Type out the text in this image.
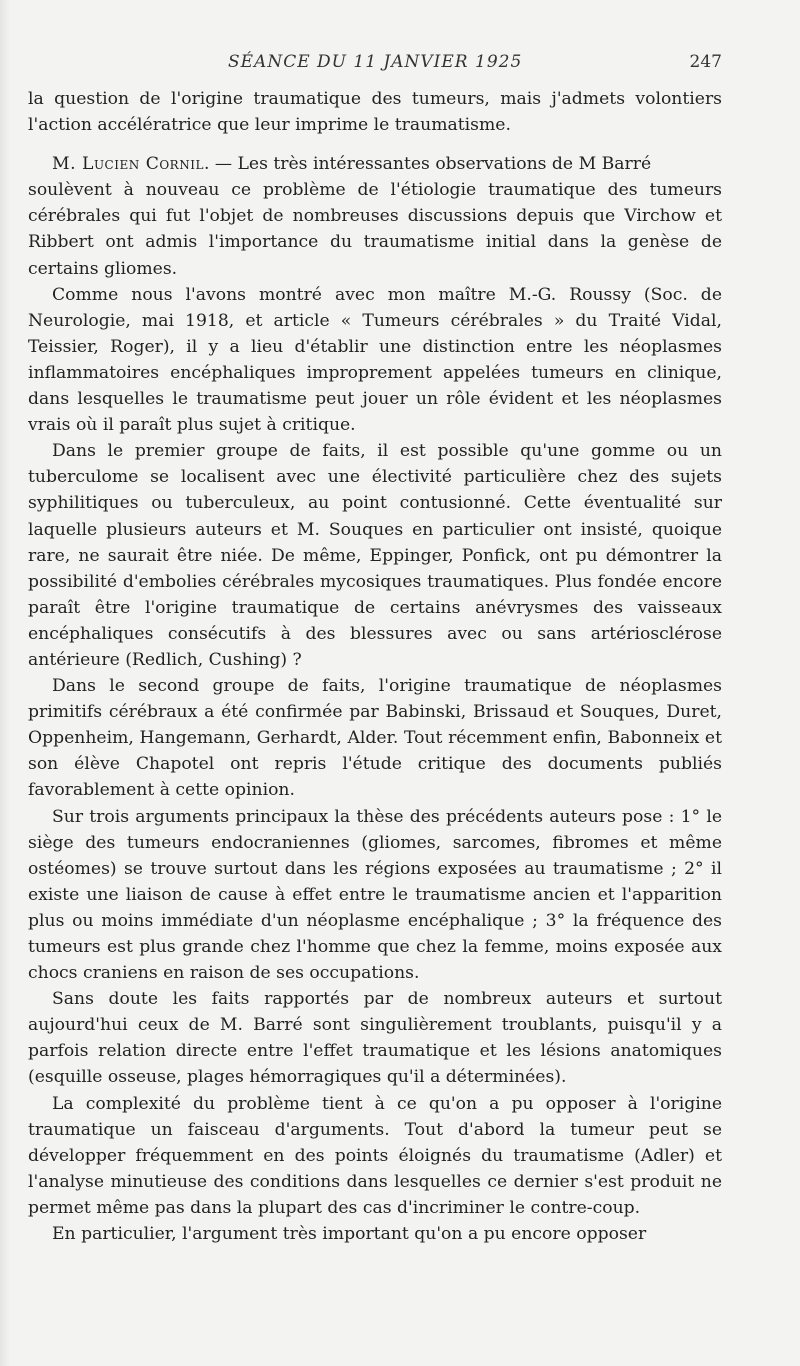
SÉANCE DU 11 JANVIER 1925	247

la question de l'origine traumatique des tumeurs, mais j'admets volontiers l'action accélératrice que leur imprime le traumatisme.

M. Lucien Cornil. — Les très intéressantes observations de M Barré

soulèvent à nouveau ce problème de l'étiologie traumatique des tumeurs cérébrales qui fut l'objet de nombreuses discussions depuis que Virchow et Ribbert ont admis l'importance du traumatisme initial dans la genèse de certains gliomes.

Comme nous l'avons montré avec mon maître M.-G. Roussy (Soc. de Neurologie, mai 1918, et article « Tumeurs cérébrales » du Traité Vidal, Teissier, Roger), il y a lieu d'établir une distinction entre les néoplasmes inflammatoires encéphaliques improprement appelées tumeurs en clinique, dans lesquelles le traumatisme peut jouer un rôle évident et les néoplasmes vrais où il paraît plus sujet à critique.

Dans le premier groupe de faits, il est possible qu'une gomme ou un tuberculome se localisent avec une électivité particulière chez des sujets syphilitiques ou tuberculeux, au point contusionné. Cette éventualité sur laquelle plusieurs auteurs et M. Souques en particulier ont insisté, quoique rare, ne saurait être niée. De même, Eppinger, Ponfick, ont pu démontrer la possibilité d'embolies cérébrales mycosiques traumatiques. Plus fondée encore paraît être l'origine traumatique de certains anévrysmes des vaisseaux encéphaliques consécutifs à des blessures avec ou sans artériosclérose antérieure (Redlich, Cushing) ?

Dans le second groupe de faits, l'origine traumatique de néoplasmes primitifs cérébraux a été confirmée par Babinski, Brissaud et Souques, Duret, Oppenheim, Hangemann, Gerhardt, Alder. Tout récemment enfin, Babonneix et son élève Chapotel ont repris l'étude critique des documents publiés favorablement à cette opinion.

Sur trois arguments principaux la thèse des précédents auteurs pose : 1° le siège des tumeurs endocraniennes (gliomes, sarcomes, fibromes et même ostéomes) se trouve surtout dans les régions exposées au traumatisme ; 2° il existe une liaison de cause à effet entre le traumatisme ancien et l'apparition plus ou moins immédiate d'un néoplasme encéphalique ; 3° la fréquence des tumeurs est plus grande chez l'homme que chez la femme, moins exposée aux chocs craniens en raison de ses occupations.

Sans doute les faits rapportés par de nombreux auteurs et surtout aujourd'hui ceux de M. Barré sont singulièrement troublants, puisqu'il y a parfois relation directe entre l'effet traumatique et les lésions anatomiques (esquille osseuse, plages hémorragiques qu'il a déterminées).

La complexité du problème tient à ce qu'on a pu opposer à l'origine traumatique un faisceau d'arguments. Tout d'abord la tumeur peut se développer fréquemment en des points éloignés du traumatisme (Adler) et l'analyse minutieuse des conditions dans lesquelles ce dernier s'est produit ne permet même pas dans la plupart des cas d'incriminer le contre-coup.

En particulier, l'argument très important qu'on a pu encore opposer
